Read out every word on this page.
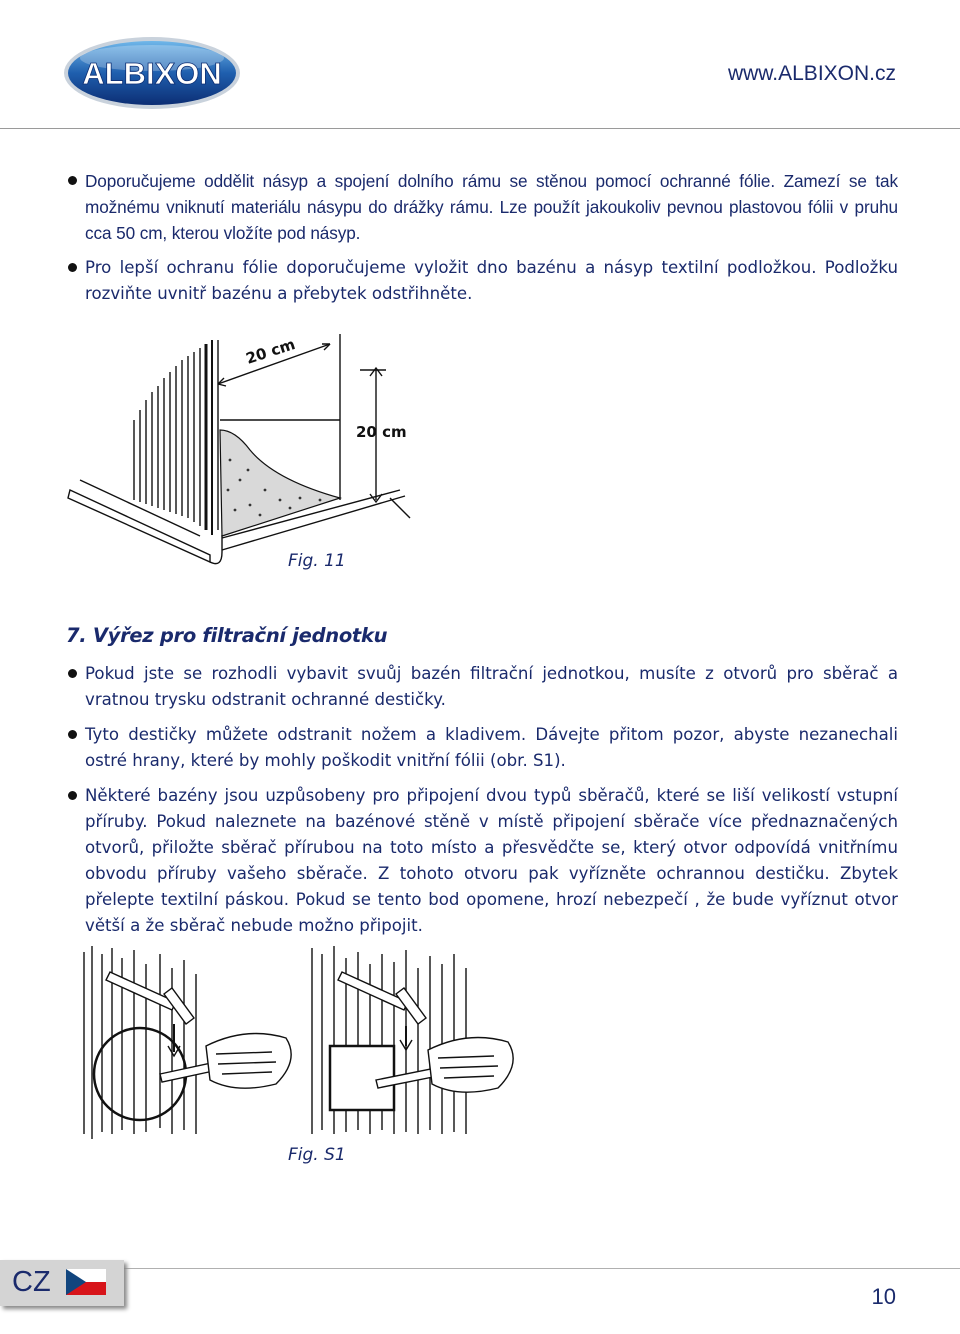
ALBIXON	www.ALBIXON.cz
Doporučujeme oddělit násyp a spojení dolního rámu se stěnou pomocí ochranné fólie. Zamezí se tak možnému vniknutí materiálu násypu do drážky rámu. Lze použít jakoukoliv pevnou plastovou fólii v pruhu cca 50 cm, kterou vložíte pod násyp.
Pro lepší ochranu fólie doporučujeme vyložit dno bazénu a násyp textilní podložkou. Podložku rozviňte uvnitř bazénu a přebytek odstřihněte.
20 cm
20 cm
Fig. 11
7. Výřez pro filtrační jednotku
Pokud jste se rozhodli vybavit svuůj bazén filtrační jednotkou, musíte z otvorů pro sběrač a vratnou trysku odstranit ochranné destičky.
Tyto destičky můžete odstranit nožem a kladivem. Dávejte přitom pozor, abyste nezanechali ostré hrany, které by mohly poškodit vnitřní fólii (obr. S1).
Některé bazény jsou uzpůsobeny pro připojení dvou typů sběračů, které se liší velikostí vstupní příruby. Pokud naleznete na bazénové stěně v místě připojení sběrače více přednaznačených otvorů, přiložte sběrač přírubou na toto místo a přesvědčte se, který otvor odpovídá vnitřnímu obvodu příruby vašeho sběrače. Z tohoto otvoru pak vyřízněte ochrannou destičku. Zbytek přelepte textilní páskou. Pokud se tento bod opomene, hrozí nebezpečí , že bude vyříznut otvor větší a že sběrač nebude možno připojit.
Fig. S1
CZ	10
